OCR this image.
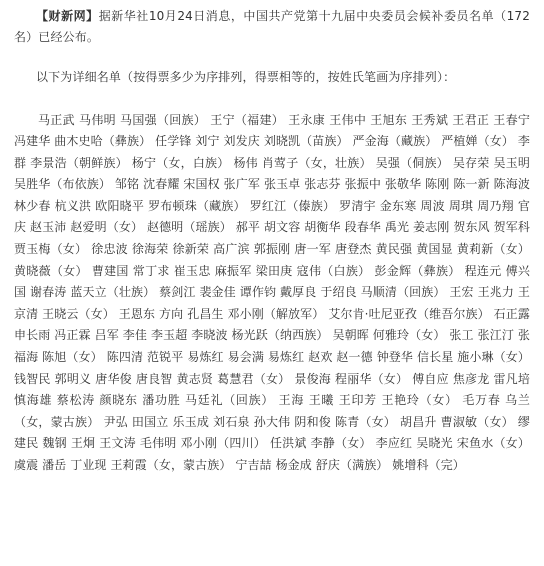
【财新网】据新华社10月24日消息，中国共产党第十九届中央委员会候补委员名单（172名）已经公布。

以下为详细名单（按得票多少为序排列，得票相等的，按姓氏笔画为序排列）：

马正武 马伟明 马国强（回族） 王宁（福建） 王永康 王伟中 王旭东 王秀斌 王君正 王春宁 冯建华 曲木史哈（彝族） 任学锋 刘宁 刘发庆 刘晓凯（苗族） 严金海（藏族） 严植婵（女） 李群 李景浩（朝鲜族） 杨宁（女，白族） 杨伟 肖莺子（女，壮族） 吴强（侗族） 吴存荣 吴玉明 吴胜华（布依族） 邹铭 沈春耀 宋国权 张广军 张玉卓 张志芬 张振中 张敬华 陈刚 陈一新 陈海波 林少春 杭义洪 欧阳晓平 罗布顿珠（藏族） 罗红江（傣族） 罗清宇 金东寒 周波 周琪 周乃翔 官庆 赵玉沛 赵爱明（女） 赵德明（瑶族） 郝平 胡文容 胡衡华 段春华 禹光 姜志刚 贺东风 贺军科 贾玉梅（女） 徐忠波 徐海荣 徐新荣 高广滨 郭振刚 唐一军 唐登杰 黄民强 黄国显 黄莉新（女） 黄晓薇（女） 曹建国 常丁求 崔玉忠 麻振军 梁田庚 寇伟（白族） 彭金辉（彝族） 程连元 傅兴国 谢春涛 蓝天立（壮族） 蔡剑江 裴金佳 谭作钧 戴厚良 于绍良 马顺清（回族） 王宏 王兆力 王京清 王晓云（女） 王恩东 方向 孔昌生 邓小刚（解放军） 艾尔肯·吐尼亚孜（维吾尔族） 石正露 申长雨 冯正霖 吕军 李佳 李玉超 李晓波 杨光跃（纳西族） 吴朝晖 何雅玲（女） 张工 张江汀 张福海 陈旭（女） 陈四清 范锐平 易炼红 易会满 易炼红 赵欢 赵一德 钟登华 信长星 施小琳（女） 钱智民 郭明义 唐华俊 唐良智 黄志贤 葛慧君（女） 景俊海 程丽华（女） 傅自应 焦彦龙 雷凡培 慎海雄 蔡松涛 颜晓东 潘功胜 马廷礼（回族） 王海 王曦 王印芳 王艳玲（女） 毛万春 乌兰（女，蒙古族） 尹弘 田国立 乐玉成 刘石泉 孙大伟 阴和俊 陈青（女） 胡昌升 曹淑敏（女） 缪建民 魏钢 王炯 王文涛 毛伟明 邓小刚（四川） 任洪斌 李静（女） 李应红 吴晓光 宋鱼水（女） 虞震 潘岳 丁业现 王莉霞（女，蒙古族） 宁吉喆 杨金成 舒庆（满族） 姚增科（完）
